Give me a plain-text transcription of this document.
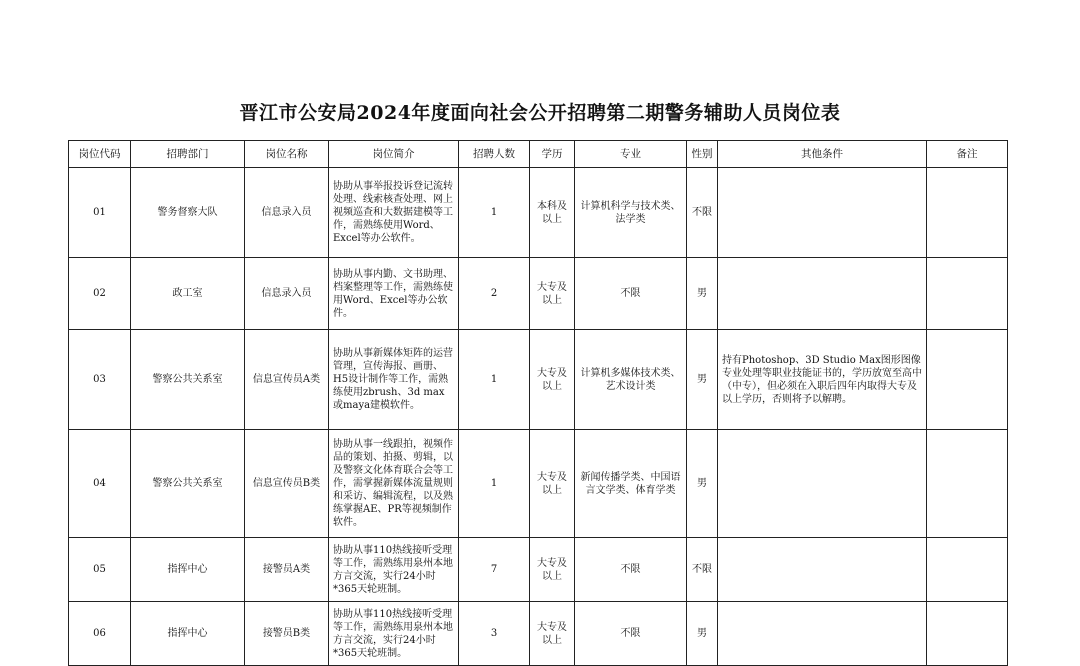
晋江市公安局2024年度面向社会公开招聘第二期警务辅助人员岗位表
岗位代码	招聘部门	岗位名称	岗位简介	招聘人数	学历	专业	性别	其他条件	备注
01	警务督察大队	信息录入员	协助从事举报投诉登记流转处理、线索核查处理、网上视频巡查和大数据建模等工作，需熟练使用Word、Excel等办公软件。	1	本科及以上	计算机科学与技术类、法学类	不限		
02	政工室	信息录入员	协助从事内勤、文书助理、档案整理等工作，需熟练使用Word、Excel等办公软件。	2	大专及以上	不限	男		
03	警察公共关系室	信息宣传员A类	协助从事新媒体矩阵的运营管理，宣传海报、画册、H5设计制作等工作，需熟练使用zbrush、3d max或maya建模软件。	1	大专及以上	计算机多媒体技术类、艺术设计类	男	持有Photoshop、3D Studio Max图形图像专业处理等职业技能证书的，学历放宽至高中（中专），但必须在入职后四年内取得大专及以上学历，否则将予以解聘。	
04	警察公共关系室	信息宣传员B类	协助从事一线跟拍，视频作品的策划、拍摄、剪辑，以及警察文化体育联合会等工作，需掌握新媒体流量规则和采访、编辑流程，以及熟练掌握AE、PR等视频制作软件。	1	大专及以上	新闻传播学类、中国语言文学类、体育学类	男		
05	指挥中心	接警员A类	协助从事110热线接听受理等工作，需熟练用泉州本地方言交流，实行24小时*365天轮班制。	7	大专及以上	不限	不限		
06	指挥中心	接警员B类	协助从事110热线接听受理等工作，需熟练用泉州本地方言交流，实行24小时*365天轮班制。	3	大专及以上	不限	男		
